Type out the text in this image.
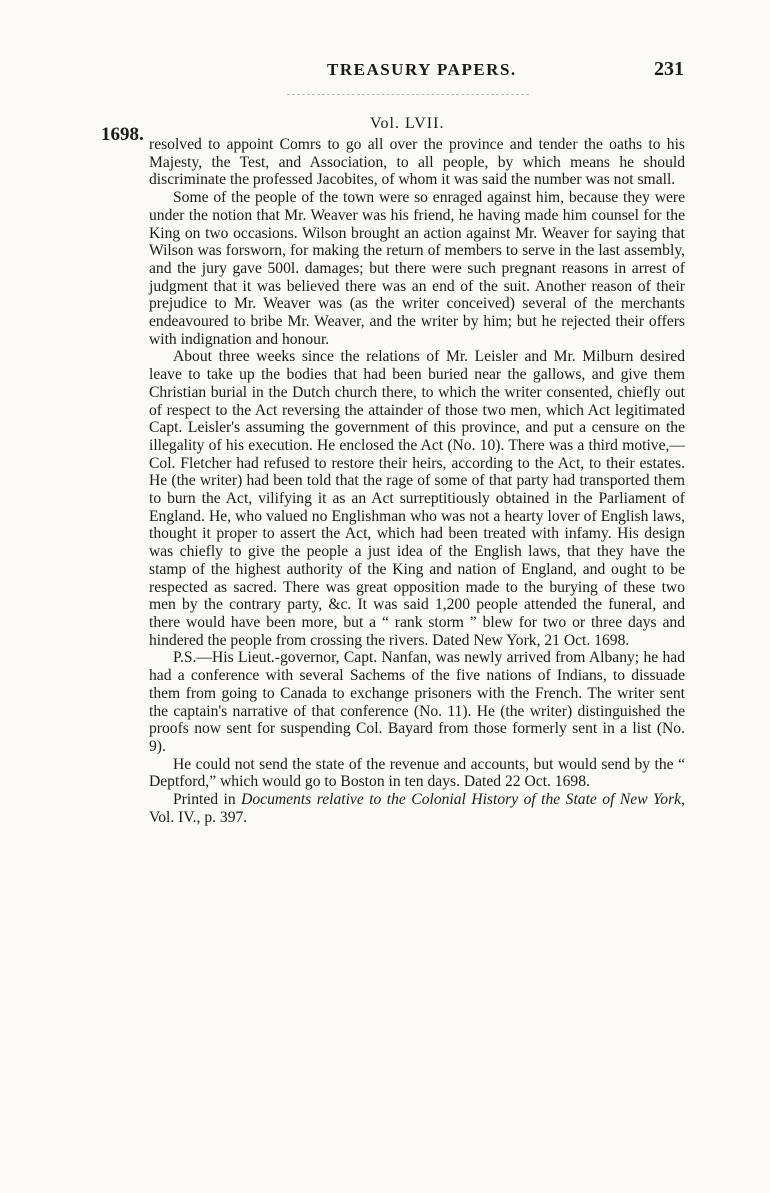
TREASURY PAPERS.	231
1698.
Vol. LVII.

resolved to appoint Comrs to go all over the province and tender the oaths to his Majesty, the Test, and Association, to all people, by which means he should discriminate the professed Jacobites, of whom it was said the number was not small.

Some of the people of the town were so enraged against him, because they were under the notion that Mr. Weaver was his friend, he having made him counsel for the King on two occasions. Wilson brought an action against Mr. Weaver for saying that Wilson was forsworn, for making the return of members to serve in the last assembly, and the jury gave 500l. damages; but there were such pregnant reasons in arrest of judgment that it was believed there was an end of the suit. Another reason of their prejudice to Mr. Weaver was (as the writer conceived) several of the merchants endeavoured to bribe Mr. Weaver, and the writer by him; but he rejected their offers with indignation and honour.

About three weeks since the relations of Mr. Leisler and Mr. Milburn desired leave to take up the bodies that had been buried near the gallows, and give them Christian burial in the Dutch church there, to which the writer consented, chiefly out of respect to the Act reversing the attainder of those two men, which Act legitimated Capt. Leisler's assuming the government of this province, and put a censure on the illegality of his execution. He enclosed the Act (No. 10). There was a third motive,—Col. Fletcher had refused to restore their heirs, according to the Act, to their estates. He (the writer) had been told that the rage of some of that party had transported them to burn the Act, vilifying it as an Act surreptitiously obtained in the Parliament of England. He, who valued no Englishman who was not a hearty lover of English laws, thought it proper to assert the Act, which had been treated with infamy. His design was chiefly to give the people a just idea of the English laws, that they have the stamp of the highest authority of the King and nation of England, and ought to be respected as sacred. There was great opposition made to the burying of these two men by the contrary party, &c. It was said 1,200 people attended the funeral, and there would have been more, but a “ rank storm ” blew for two or three days and hindered the people from crossing the rivers. Dated New York, 21 Oct. 1698.

P.S.—His Lieut.-governor, Capt. Nanfan, was newly arrived from Albany; he had had a conference with several Sachems of the five nations of Indians, to dissuade them from going to Canada to exchange prisoners with the French. The writer sent the captain's narrative of that conference (No. 11). He (the writer) distinguished the proofs now sent for suspending Col. Bayard from those formerly sent in a list (No. 9).

He could not send the state of the revenue and accounts, but would send by the “ Deptford,” which would go to Boston in ten days. Dated 22 Oct. 1698.

Printed in Documents relative to the Colonial History of the State of New York, Vol. IV., p. 397.
